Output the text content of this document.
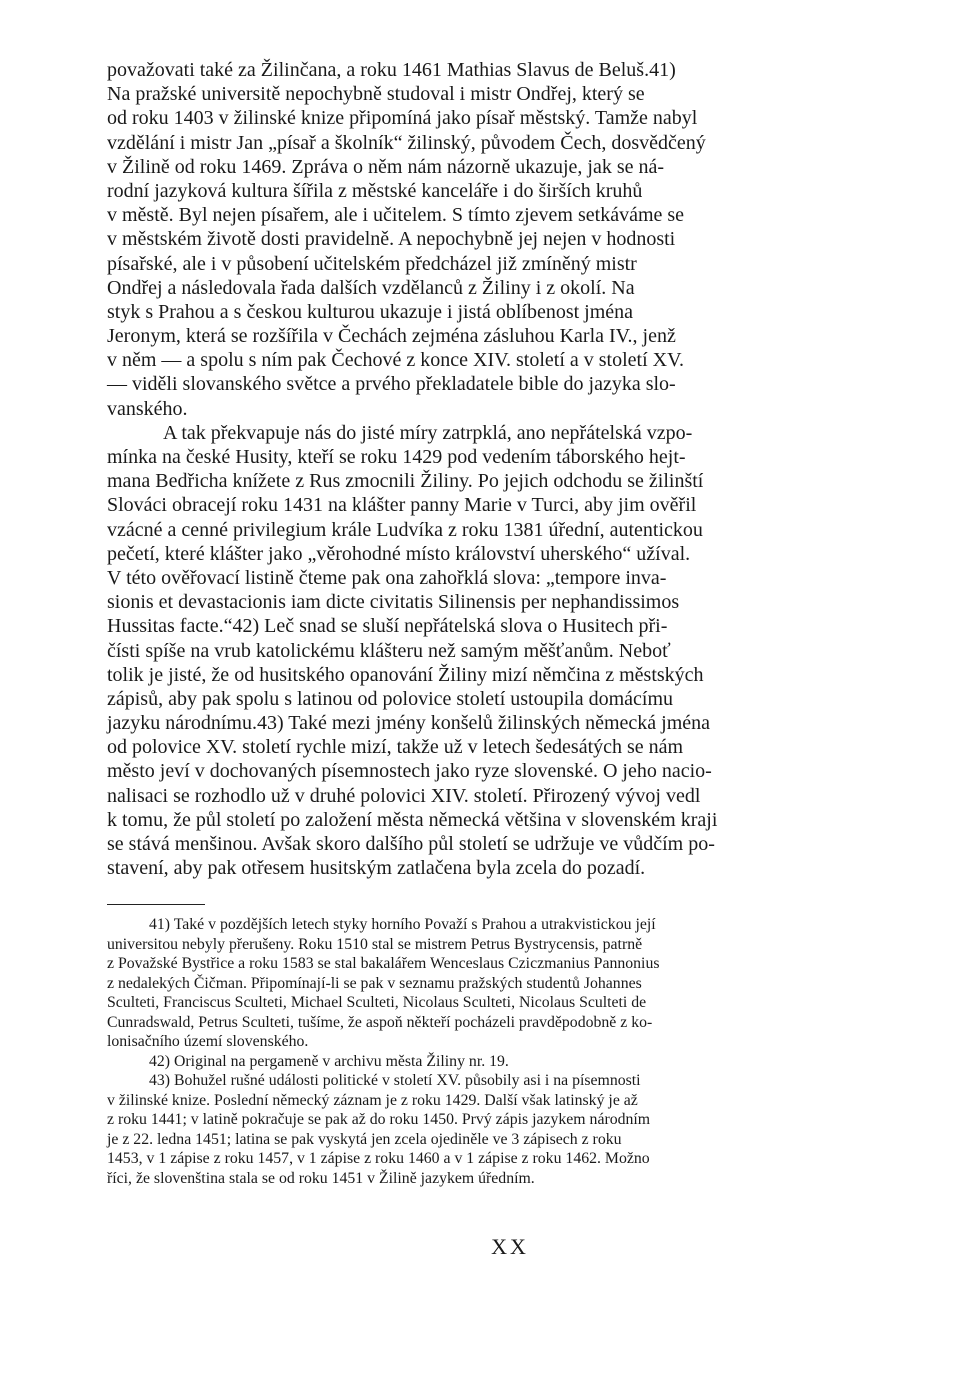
považovati také za Žilinčana, a roku 1461 Mathias Slavus de Beluš.41)
Na pražské universitě nepochybně studoval i mistr Ondřej, který se
od roku 1403 v žilinské knize připomíná jako písař městský. Tamže nabyl
vzdělání i mistr Jan „písař a školník“ žilinský, původem Čech, dosvědčený
v Žilině od roku 1469. Zpráva o něm nám názorně ukazuje, jak se ná-
rodní jazyková kultura šířila z městské kanceláře i do širších kruhů
v městě. Byl nejen písařem, ale i učitelem. S tímto zjevem setkáváme se
v městském životě dosti pravidelně. A nepochybně jej nejen v hodnosti
písařské, ale i v působení učitelském předcházel již zmíněný mistr
Ondřej a následovala řada dalších vzdělanců z Žiliny i z okolí. Na
styk s Prahou a s českou kulturou ukazuje i jistá oblíbenost jména
Jeronym, která se rozšířila v Čechách zejména zásluhou Karla IV., jenž
v něm — a spolu s ním pak Čechové z konce XIV. století a v století XV.
— viděli slovanského světce a prvého překladatele bible do jazyka slo-
vanského.
A tak překvapuje nás do jisté míry zatrpklá, ano nepřátelská vzpo-
mínka na české Husity, kteří se roku 1429 pod vedením táborského hejt-
mana Bedřicha knížete z Rus zmocnili Žiliny. Po jejich odchodu se žilinští
Slováci obracejí roku 1431 na klášter panny Marie v Turci, aby jim ověřil
vzácné a cenné privilegium krále Ludvíka z roku 1381 úřední, autentickou
pečetí, které klášter jako „věrohodné místo království uherského“ užíval.
V této ověřovací listině čteme pak ona zahořklá slova: „tempore inva-
sionis et devastacionis iam dicte civitatis Silinensis per nephandissimos
Hussitas facte.“42) Leč snad se sluší nepřátelská slova o Husitech při-
čísti spíše na vrub katolickému klášteru než samým měšťanům. Neboť
tolik je jisté, že od husitského opanování Žiliny mizí němčina z městských
zápisů, aby pak spolu s latinou od polovice století ustoupila domácímu
jazyku národnímu.43) Také mezi jmény konšelů žilinských německá jména
od polovice XV. století rychle mizí, takže už v letech šedesátých se nám
město jeví v dochovaných písemnostech jako ryze slovenské. O jeho nacio-
nalisaci se rozhodlo už v druhé polovici XIV. století. Přirozený vývoj vedl
k tomu, že půl století po založení města německá většina v slovenském kraji
se stává menšinou. Avšak skoro dalšího půl století se udržuje ve vůdčím po-
stavení, aby pak otřesem husitským zatlačena byla zcela do pozadí.
41) Také v pozdějších letech styky horního Považí s Prahou a utrakvistickou její
universitou nebyly přerušeny. Roku 1510 stal se mistrem Petrus Bystrycensis, patrně
z Považské Bystřice a roku 1583 se stal bakalářem Wenceslaus Cziczmanius Pannonius
z nedalekých Čičman. Připomínají-li se pak v seznamu pražských studentů Johannes
Sculteti, Franciscus Sculteti, Michael Sculteti, Nicolaus Sculteti, Nicolaus Sculteti de
Cunradswald, Petrus Sculteti, tušíme, že aspoň někteří pocházeli pravděpodobně z ko-
lonisačního území slovenského.
42) Original na pergameně v archivu města Žiliny nr. 19.
43) Bohužel rušné události politické v století XV. působily asi i na písemnosti
v žilinské knize. Poslední německý záznam je z roku 1429. Další však latinský je až
z roku 1441; v latině pokračuje se pak až do roku 1450. Prvý zápis jazykem národním
je z 22. ledna 1451; latina se pak vyskytá jen zcela ojediněle ve 3 zápisech z roku
1453, v 1 zápise z roku 1457, v 1 zápise z roku 1460 a v 1 zápise z roku 1462. Možno
říci, že slovenština stala se od roku 1451 v Žilině jazykem úředním.
XX
